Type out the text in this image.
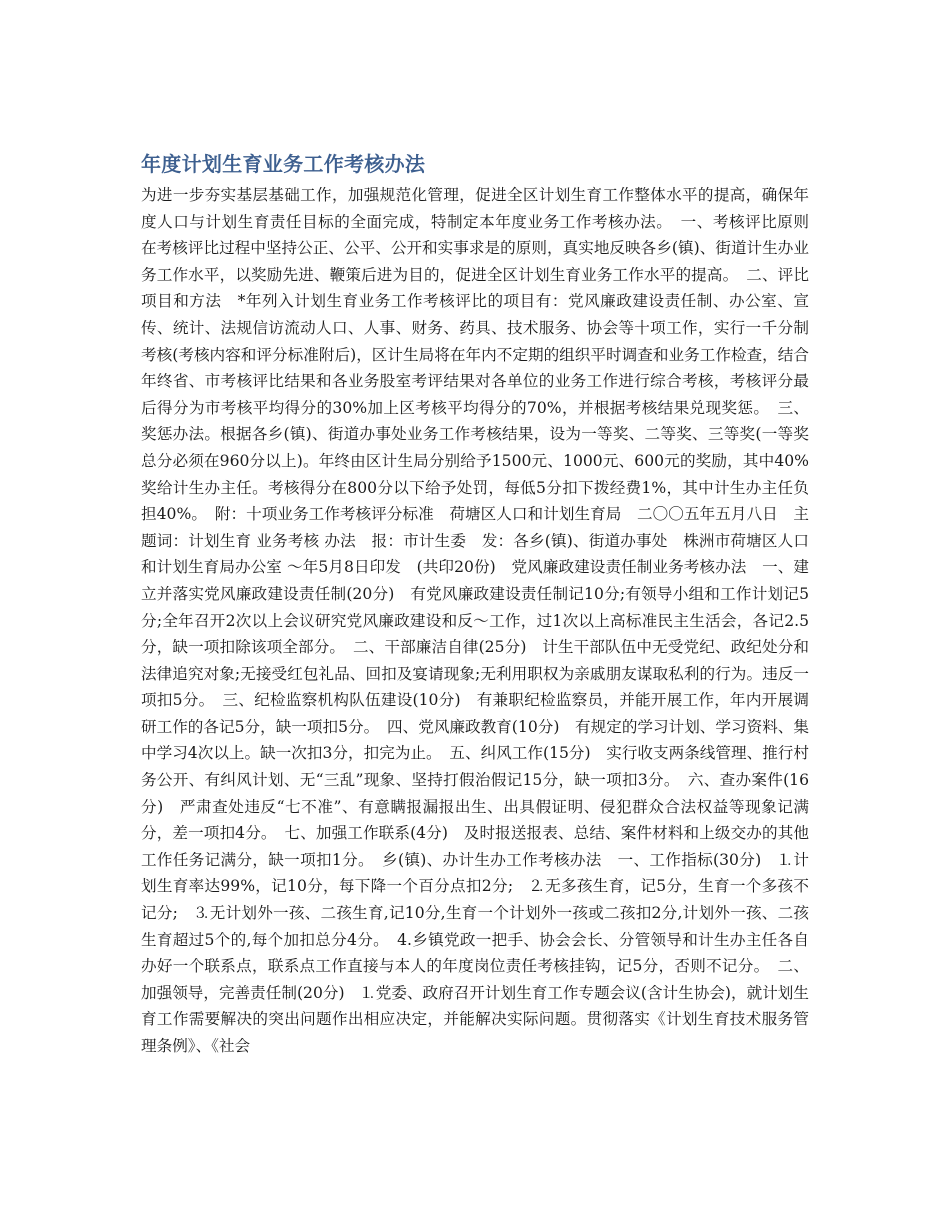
年度计划生育业务工作考核办法

为进一步夯实基层基础工作，加强规范化管理，促进全区计划生育工作整体水平的提高，确保年度人口与计划生育责任目标的全面完成，特制定本年度业务工作考核办法。　一、考核评比原则　在考核评比过程中坚持公正、公平、公开和实事求是的原则，真实地反映各乡(镇)、街道计生办业务工作水平，以奖励先进、鞭策后进为目的，促进全区计划生育业务工作水平的提高。　二、评比项目和方法　*年列入计划生育业务工作考核评比的项目有：党风廉政建设责任制、办公室、宣传、统计、法规信访流动人口、人事、财务、药具、技术服务、协会等十项工作，实行一千分制考核(考核内容和评分标准附后)，区计生局将在年内不定期的组织平时调查和业务工作检查，结合年终省、市考核评比结果和各业务股室考评结果对各单位的业务工作进行综合考核，考核评分最后得分为市考核平均得分的30%加上区考核平均得分的70%，并根据考核结果兑现奖惩。　三、奖惩办法。根据各乡(镇)、街道办事处业务工作考核结果，设为一等奖、二等奖、三等奖(一等奖总分必须在960分以上)。年终由区计生局分别给予1500元、1000元、600元的奖励，其中40%奖给计生办主任。考核得分在800分以下给予处罚，每低5分扣下拨经费1%，其中计生办主任负担40%。　附：十项业务工作考核评分标准　荷塘区人口和计划生育局　二〇〇五年五月八日　主题词：计划生育 业务考核 办法　报：市计生委　发：各乡(镇)、街道办事处　株洲市荷塘区人口和计划生育局办公室 ～年5月8日印发　(共印20份)　党风廉政建设责任制业务考核办法　一、建立并落实党风廉政建设责任制(20分)　有党风廉政建设责任制记10分;有领导小组和工作计划记5分;全年召开2次以上会议研究党风廉政建设和反～工作，过1次以上高标准民主生活会，各记2.5分，缺一项扣除该项全部分。　二、干部廉洁自律(25分)　计生干部队伍中无受党纪、政纪处分和法律追究对象;无接受红包礼品、回扣及宴请现象;无利用职权为亲戚朋友谋取私利的行为。违反一项扣5分。　三、纪检监察机构队伍建设(10分)　有兼职纪检监察员，并能开展工作，年内开展调研工作的各记5分，缺一项扣5分。　四、党风廉政教育(10分)　有规定的学习计划、学习资料、集中学习4次以上。缺一次扣3分，扣完为止。　五、纠风工作(15分)　实行收支两条线管理、推行村务公开、有纠风计划、无“三乱”现象、坚持打假治假记15分，缺一项扣3分。　六、查办案件(16分)　严肃查处违反“七不准”、有意瞒报漏报出生、出具假证明、侵犯群众合法权益等现象记满分，差一项扣4分。　七、加强工作联系(4分)　及时报送报表、总结、案件材料和上级交办的其他工作任务记满分，缺一项扣1分。　乡(镇)、办计生办工作考核办法　一、工作指标(30分)　⒈计划生育率达99%，记10分，每下降一个百分点扣2分;　⒉无多孩生育，记5分，生育一个多孩不记分;　⒊无计划外一孩、二孩生育,记10分,生育一个计划外一孩或二孩扣2分,计划外一孩、二孩生育超过5个的,每个加扣总分4分。　4.乡镇党政一把手、协会会长、分管领导和计生办主任各自办好一个联系点，联系点工作直接与本人的年度岗位责任考核挂钩，记5分，否则不记分。　二、加强领导，完善责任制(20分)　⒈党委、政府召开计划生育工作专题会议(含计生协会)，就计划生育工作需要解决的突出问题作出相应决定，并能解决实际问题。贯彻落实《计划生育技术服务管理条例》、《社会
